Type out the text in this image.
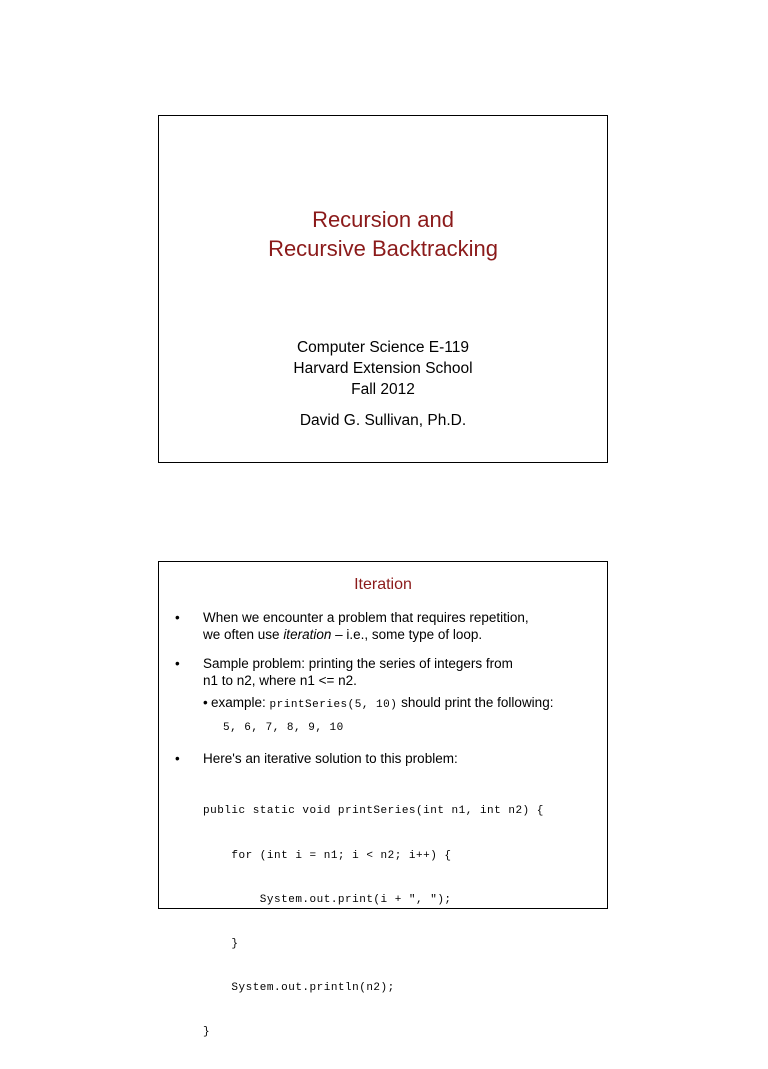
Recursion and
Recursive Backtracking
Computer Science E-119
Harvard Extension School
Fall 2012
David G. Sullivan, Ph.D.
Iteration
• When we encounter a problem that requires repetition,
we often use iteration – i.e., some type of loop.
• Sample problem: printing the series of integers from
n1 to n2, where n1 <= n2.
• example: printSeries(5, 10) should print the following:
5, 6, 7, 8, 9, 10
• Here's an iterative solution to this problem:

public static void printSeries(int n1, int n2) {

for (int i = n1; i < n2; i++) {

System.out.print(i + ", ");

}

System.out.println(n2);

}
